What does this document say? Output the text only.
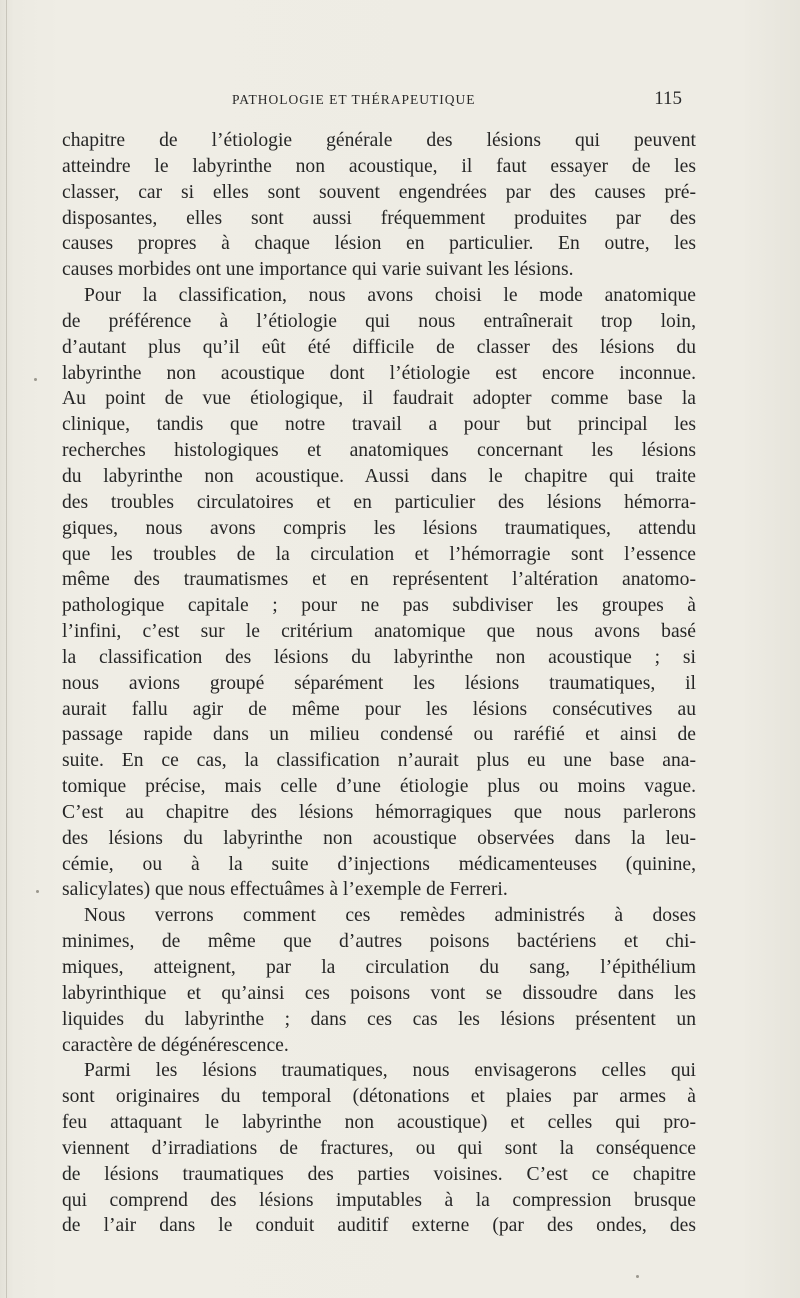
PATHOLOGIE ET THÉRAPEUTIQUE	115
chapitre de l’étiologie générale des lésions qui peuvent
atteindre le labyrinthe non acoustique, il faut essayer de les
classer, car si elles sont souvent engendrées par des causes pré-
disposantes, elles sont aussi fréquemment produites par des
causes propres à chaque lésion en particulier. En outre, les
causes morbides ont une importance qui varie suivant les lésions.
Pour la classification, nous avons choisi le mode anatomique
de préférence à l’étiologie qui nous entraînerait trop loin,
d’autant plus qu’il eût été difficile de classer des lésions du
labyrinthe non acoustique dont l’étiologie est encore inconnue.
Au point de vue étiologique, il faudrait adopter comme base la
clinique, tandis que notre travail a pour but principal les
recherches histologiques et anatomiques concernant les lésions
du labyrinthe non acoustique. Aussi dans le chapitre qui traite
des troubles circulatoires et en particulier des lésions hémorra-
giques, nous avons compris les lésions traumatiques, attendu
que les troubles de la circulation et l’hémorragie sont l’essence
même des traumatismes et en représentent l’altération anatomo-
pathologique capitale ; pour ne pas subdiviser les groupes à
l’infini, c’est sur le critérium anatomique que nous avons basé
la classification des lésions du labyrinthe non acoustique ; si
nous avions groupé séparément les lésions traumatiques, il
aurait fallu agir de même pour les lésions consécutives au
passage rapide dans un milieu condensé ou raréfié et ainsi de
suite. En ce cas, la classification n’aurait plus eu une base ana-
tomique précise, mais celle d’une étiologie plus ou moins vague.
C’est au chapitre des lésions hémorragiques que nous parlerons
des lésions du labyrinthe non acoustique observées dans la leu-
cémie, ou à la suite d’injections médicamenteuses (quinine,
salicylates) que nous effectuâmes à l’exemple de Ferreri.
Nous verrons comment ces remèdes administrés à doses
minimes, de même que d’autres poisons bactériens et chi-
miques, atteignent, par la circulation du sang, l’épithélium
labyrinthique et qu’ainsi ces poisons vont se dissoudre dans les
liquides du labyrinthe ; dans ces cas les lésions présentent un
caractère de dégénérescence.
Parmi les lésions traumatiques, nous envisagerons celles qui
sont originaires du temporal (détonations et plaies par armes à
feu attaquant le labyrinthe non acoustique) et celles qui pro-
viennent d’irradiations de fractures, ou qui sont la conséquence
de lésions traumatiques des parties voisines. C’est ce chapitre
qui comprend des lésions imputables à la compression brusque
de l’air dans le conduit auditif externe (par des ondes, des
